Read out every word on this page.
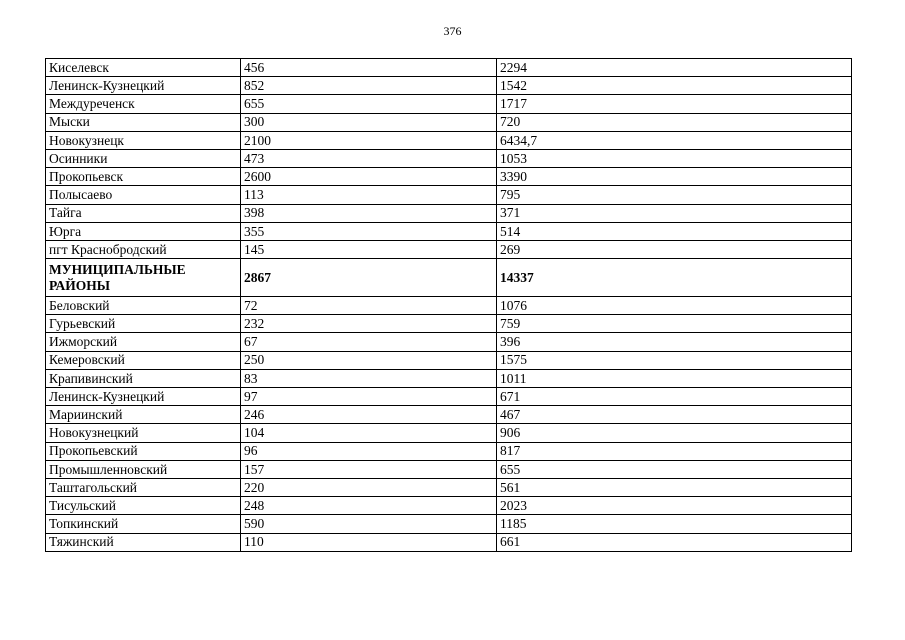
376
Киселевск	456	2294
Ленинск-Кузнецкий	852	1542
Междуреченск	655	1717
Мыски	300	720
Новокузнецк	2100	6434,7
Осинники	473	1053
Прокопьевск	2600	3390
Полысаево	113	795
Тайга	398	371
Юрга	355	514
пгт Краснобродский	145	269
МУНИЦИПАЛЬНЫЕ РАЙОНЫ	2867	14337
Беловский	72	1076
Гурьевский	232	759
Ижморский	67	396
Кемеровский	250	1575
Крапивинский	83	1011
Ленинск-Кузнецкий	97	671
Мариинский	246	467
Новокузнецкий	104	906
Прокопьевский	96	817
Промышленновский	157	655
Таштагольский	220	561
Тисульский	248	2023
Топкинский	590	1185
Тяжинский	110	661
